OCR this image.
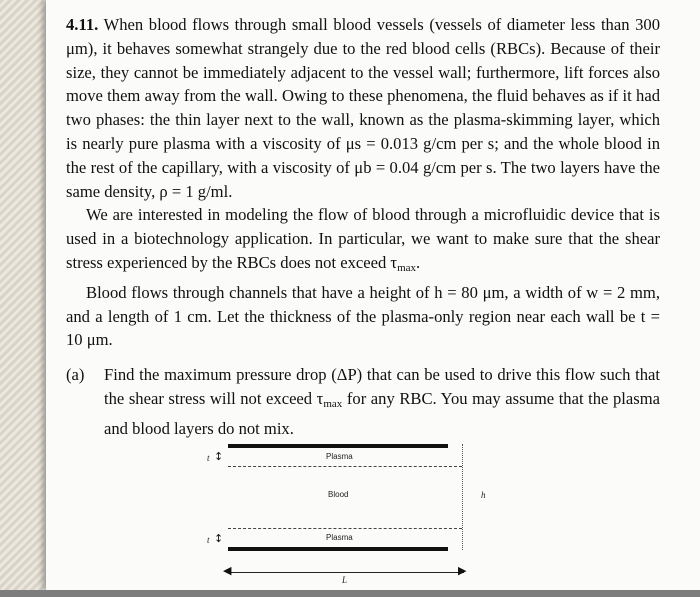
4.11. When blood flows through small blood vessels (vessels of diameter less than 300 μm), it behaves somewhat strangely due to the red blood cells (RBCs). Because of their size, they cannot be immediately adjacent to the vessel wall; furthermore, lift forces also move them away from the wall. Owing to these phenomena, the fluid behaves as if it had two phases: the thin layer next to the wall, known as the plasma-skimming layer, which is nearly pure plasma with a viscosity of μs = 0.013 g/cm per s; and the whole blood in the rest of the capillary, with a viscosity of μb = 0.04 g/cm per s. The two layers have the same density, ρ = 1 g/ml.

We are interested in modeling the flow of blood through a microfluidic device that is used in a biotechnology application. In particular, we want to make sure that the shear stress experienced by the RBCs does not exceed $\tau_{max}$.

Blood flows through channels that have a height of h = 80 μm, a width of w = 2 mm, and a length of 1 cm. Let the thickness of the plasma-only region near each wall be t = 10 μm.

(a) Find the maximum pressure drop (ΔP) that can be used to drive this flow such that the shear stress will not exceed $\tau_{max}$ for any RBC. You may assume that the plasma and blood layers do not mix.

Plasma
Blood
Plasma
h
↕
t
↕
t
◀	▶
L
